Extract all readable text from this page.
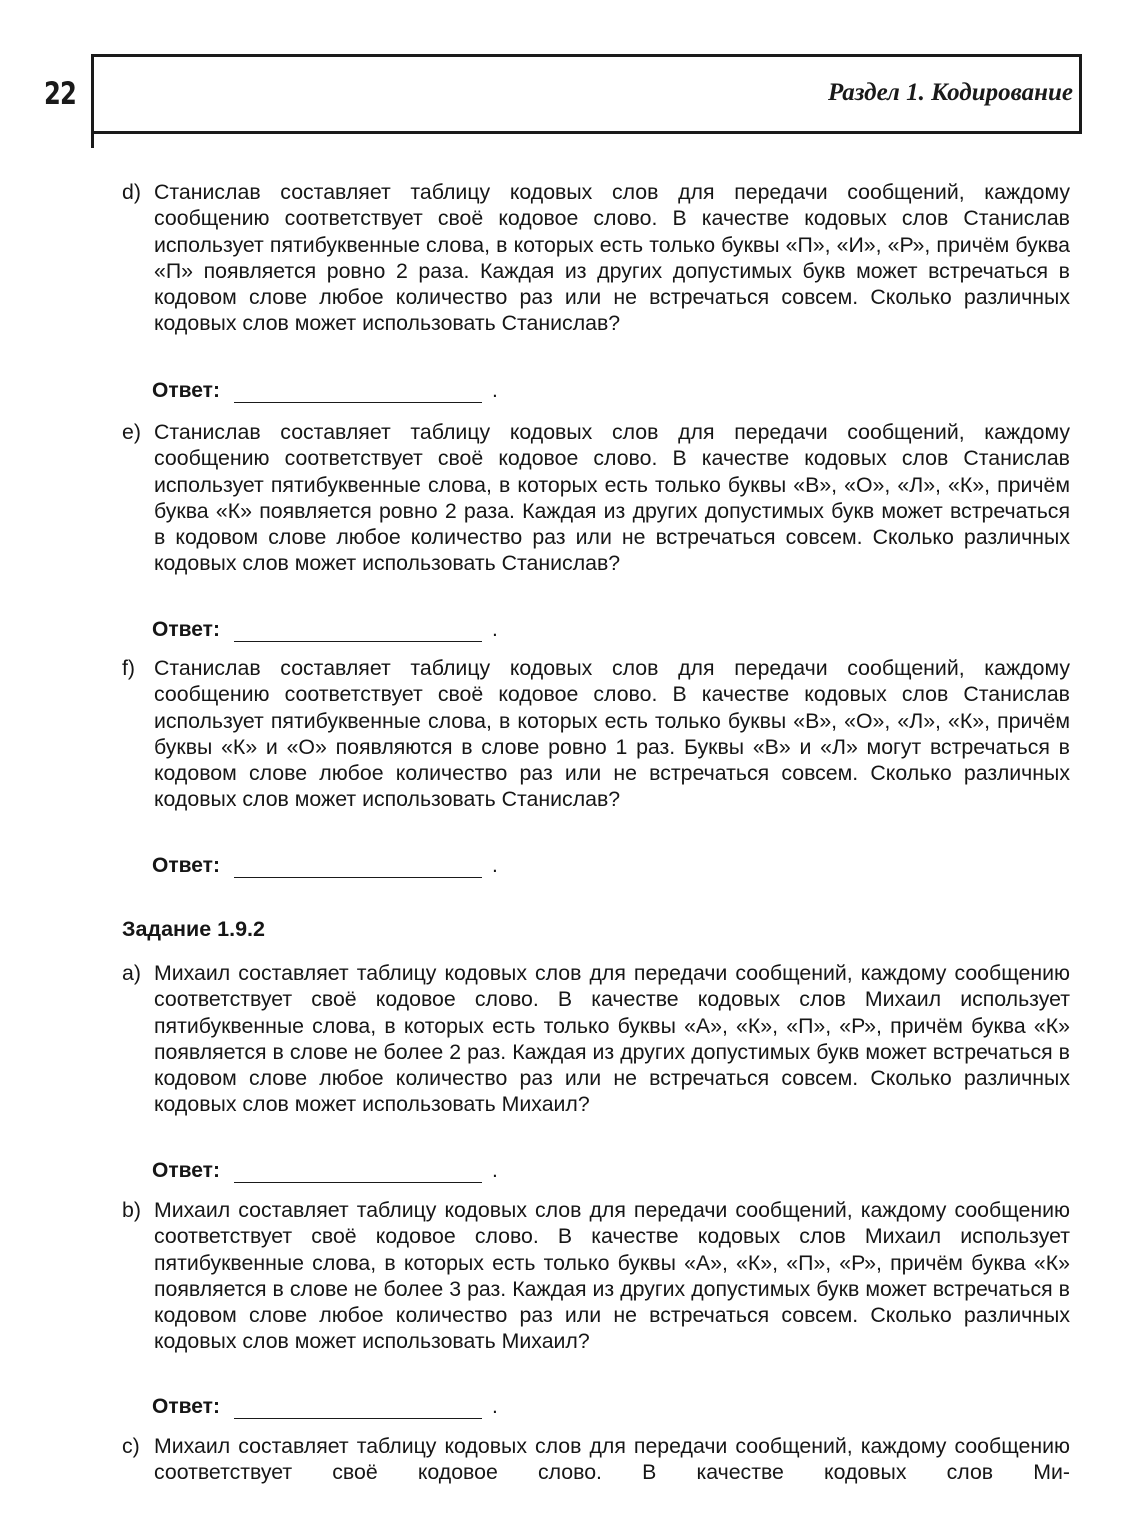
22	Раздел 1. Кодирование
d) Станислав составляет таблицу кодовых слов для передачи сообщений, каждому сообщению соответствует своё кодовое слово. В качестве кодовых слов Станислав использует пятибуквенные слова, в которых есть только буквы «П», «И», «Р», причём буква «П» появляется ровно 2 раза. Каждая из других допустимых букв может встречаться в кодовом слове любое количество раз или не встречаться совсем. Сколько различных кодовых слов может использовать Станислав?
Ответ:	.
e) Станислав составляет таблицу кодовых слов для передачи сообщений, каждому сообщению соответствует своё кодовое слово. В качестве кодовых слов Станислав использует пятибуквенные слова, в которых есть только буквы «В», «О», «Л», «К», причём буква «К» появляется ровно 2 раза. Каждая из других допустимых букв может встречаться в кодовом слове любое количество раз или не встречаться совсем. Сколько различных кодовых слов может использовать Станислав?
Ответ:	.
f) Станислав составляет таблицу кодовых слов для передачи сообщений, каждому сообщению соответствует своё кодовое слово. В качестве кодовых слов Станислав использует пятибуквенные слова, в которых есть только буквы «В», «О», «Л», «К», причём буквы «К» и «О» появляются в слове ровно 1 раз. Буквы «В» и «Л» могут встречаться в кодовом слове любое количество раз или не встречаться совсем. Сколько различных кодовых слов может использовать Станислав?
Ответ:	.
Задание 1.9.2
a) Михаил составляет таблицу кодовых слов для передачи сообщений, каждому сообщению соответствует своё кодовое слово. В качестве кодовых слов Михаил использует пятибуквенные слова, в которых есть только буквы «А», «К», «П», «Р», причём буква «К» появляется в слове не более 2 раз. Каждая из других допустимых букв может встречаться в кодовом слове любое количество раз или не встречаться совсем. Сколько различных кодовых слов может использовать Михаил?
Ответ:	.
b) Михаил составляет таблицу кодовых слов для передачи сообщений, каждому сообщению соответствует своё кодовое слово. В качестве кодовых слов Михаил использует пятибуквенные слова, в которых есть только буквы «А», «К», «П», «Р», причём буква «К» появляется в слове не более 3 раз. Каждая из других допустимых букв может встречаться в кодовом слове любое количество раз или не встречаться совсем. Сколько различных кодовых слов может использовать Михаил?
Ответ:	.
c) Михаил составляет таблицу кодовых слов для передачи сообщений, каждому сообщению соответствует своё кодовое слово. В качестве кодовых слов Ми-
